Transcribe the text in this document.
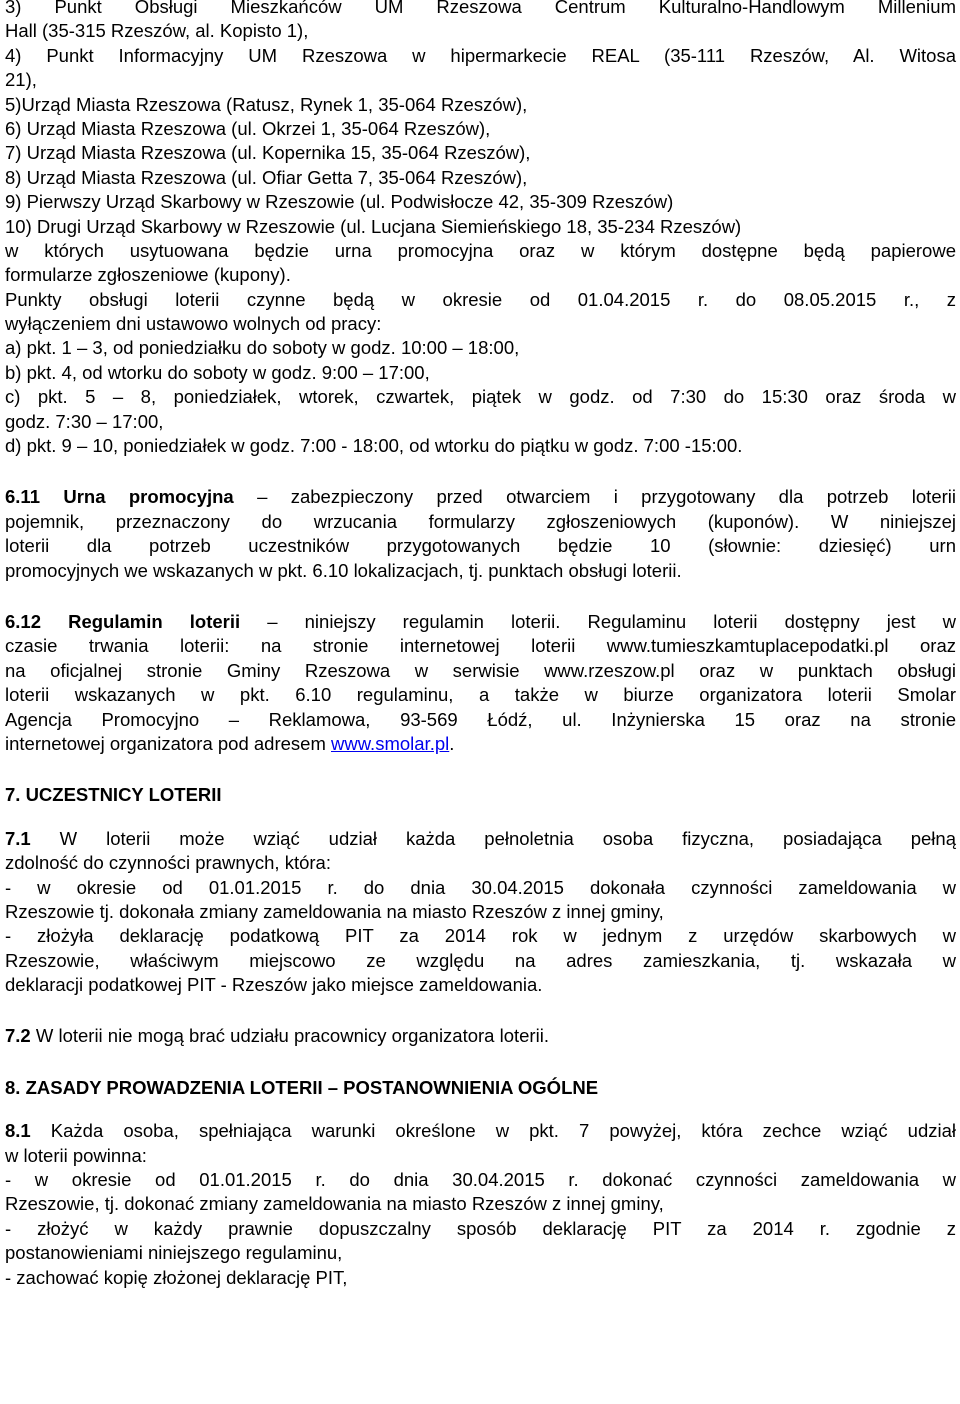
3) Punkt Obsługi Mieszkańców UM Rzeszowa Centrum Kulturalno-Handlowym Millenium
Hall (35-315 Rzeszów, al. Kopisto 1),
4) Punkt Informacyjny UM Rzeszowa w hipermarkecie REAL (35-111 Rzeszów, Al. Witosa
21),
5)Urząd Miasta Rzeszowa (Ratusz, Rynek 1, 35-064 Rzeszów),
6) Urząd Miasta Rzeszowa (ul. Okrzei 1, 35-064 Rzeszów),
7) Urząd Miasta Rzeszowa (ul. Kopernika 15, 35-064 Rzeszów),
8) Urząd Miasta Rzeszowa (ul. Ofiar Getta 7, 35-064 Rzeszów),
9) Pierwszy Urząd Skarbowy w Rzeszowie (ul. Podwisłocze 42, 35-309 Rzeszów)
10) Drugi Urząd Skarbowy w Rzeszowie (ul. Lucjana Siemieńskiego 18, 35-234 Rzeszów)
w których usytuowana będzie urna promocyjna oraz w którym dostępne będą papierowe
formularze zgłoszeniowe (kupony).
Punkty obsługi loterii czynne będą w okresie od 01.04.2015 r. do 08.05.2015 r., z
wyłączeniem dni ustawowo wolnych od pracy:
a) pkt. 1 – 3, od poniedziałku do soboty w godz. 10:00 – 18:00,
b) pkt. 4, od wtorku do soboty w godz. 9:00 – 17:00,
c) pkt. 5 – 8, poniedziałek, wtorek, czwartek, piątek w godz. od 7:30 do 15:30 oraz środa w
godz. 7:30 – 17:00,
d) pkt. 9 – 10, poniedziałek w godz. 7:00 - 18:00, od wtorku do piątku w godz. 7:00 -15:00.
6.11 Urna promocyjna – zabezpieczony przed otwarciem i przygotowany dla potrzeb loterii
pojemnik, przeznaczony do wrzucania formularzy zgłoszeniowych (kuponów). W niniejszej
loterii dla potrzeb uczestników przygotowanych będzie 10 (słownie: dziesięć) urn
promocyjnych we wskazanych w pkt. 6.10 lokalizacjach, tj. punktach obsługi loterii.
6.12 Regulamin loterii – niniejszy regulamin loterii. Regulaminu loterii dostępny jest w
czasie trwania loterii: na stronie internetowej loterii www.tumieszkamtuplacepodatki.pl oraz
na oficjalnej stronie Gminy Rzeszowa w serwisie www.rzeszow.pl oraz w punktach obsługi
loterii wskazanych w pkt. 6.10 regulaminu, a także w biurze organizatora loterii Smolar
Agencja Promocyjno – Reklamowa, 93-569 Łódź, ul. Inżynierska 15 oraz na stronie
internetowej organizatora pod adresem www.smolar.pl.
7. UCZESTNICY LOTERII
7.1 W loterii może wziąć udział każda pełnoletnia osoba fizyczna, posiadająca pełną
zdolność do czynności prawnych, która:
- w okresie od 01.01.2015 r. do dnia 30.04.2015 dokonała czynności zameldowania w
Rzeszowie tj. dokonała zmiany zameldowania na miasto Rzeszów z innej gminy,
- złożyła deklarację podatkową PIT za 2014 rok w jednym z urzędów skarbowych w
Rzeszowie, właściwym miejscowo ze względu na adres zamieszkania, tj. wskazała w
deklaracji podatkowej PIT - Rzeszów jako miejsce zameldowania.
7.2 W loterii nie mogą brać udziału pracownicy organizatora loterii.
8. ZASADY PROWADZENIA LOTERII – POSTANOWNIENIA OGÓLNE
8.1 Każda osoba, spełniająca warunki określone w pkt. 7 powyżej, która zechce wziąć udział
w loterii powinna:
- w okresie od 01.01.2015 r. do dnia 30.04.2015 r. dokonać czynności zameldowania w
Rzeszowie, tj. dokonać zmiany zameldowania na miasto Rzeszów z innej gminy,
- złożyć w każdy prawnie dopuszczalny sposób deklarację PIT za 2014 r. zgodnie z
postanowieniami niniejszego regulaminu,
- zachować kopię złożonej deklarację PIT,
